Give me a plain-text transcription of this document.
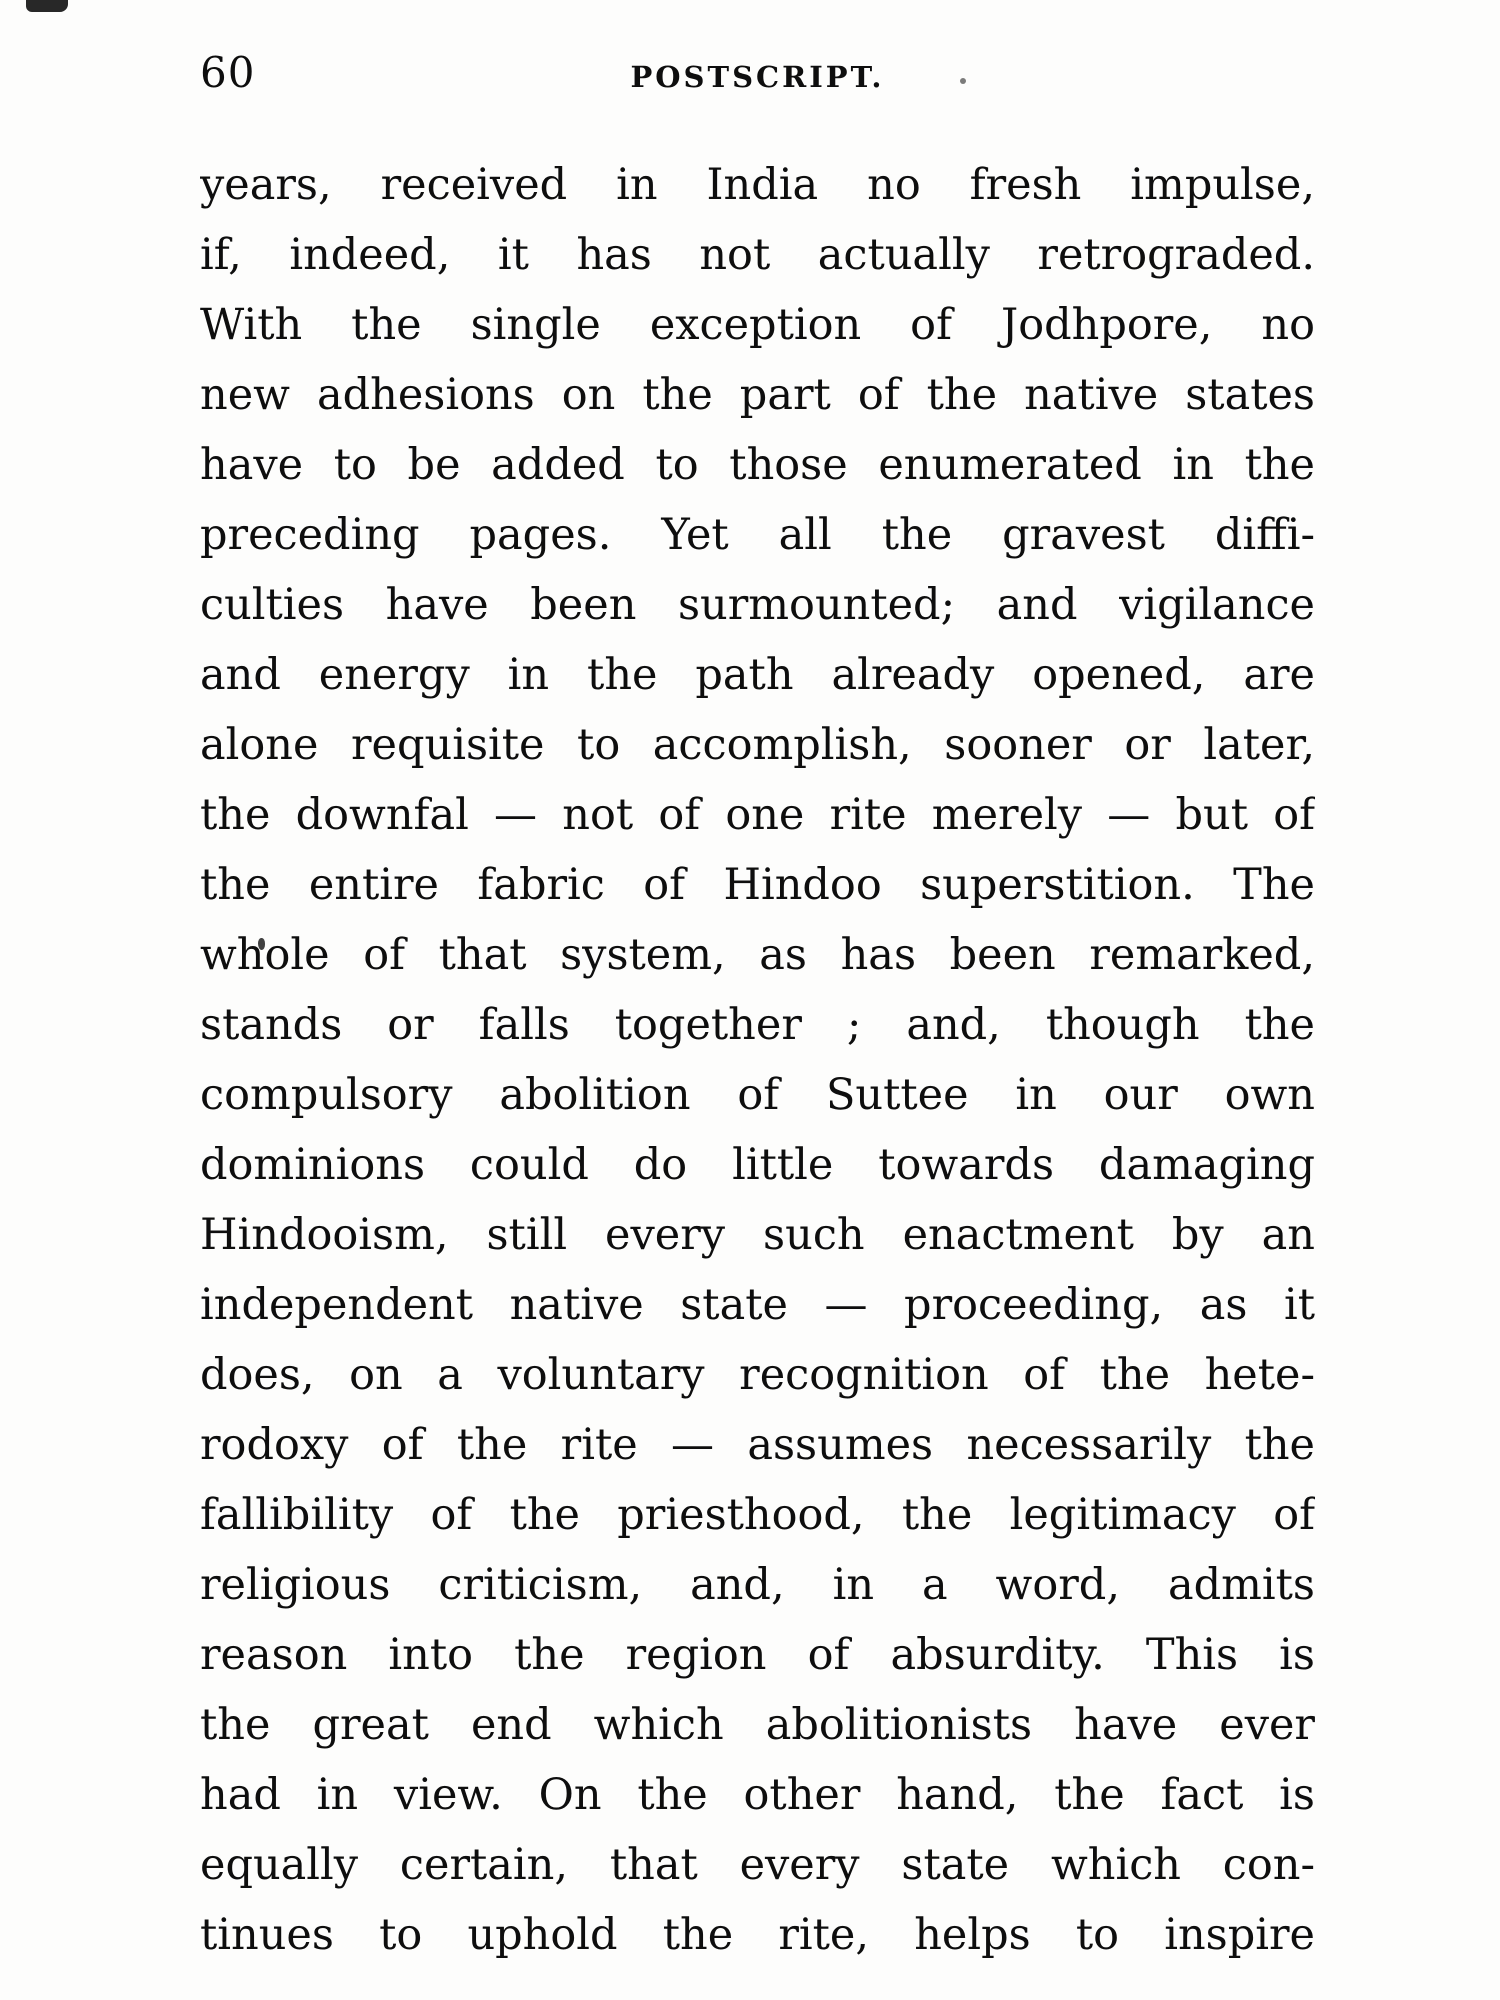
60	POSTSCRIPT.
years, received in India no fresh impulse,
if, indeed, it has not actually retrograded.
With the single exception of Jodhpore, no
new adhesions on the part of the native states
have to be added to those enumerated in the
preceding pages. Yet all the gravest diffi-
culties have been surmounted; and vigilance
and energy in the path already opened, are
alone requisite to accomplish, sooner or later,
the downfal — not of one rite merely — but of
the entire fabric of Hindoo superstition. The
whole of that system, as has been remarked,
stands or falls together ; and, though the
compulsory abolition of Suttee in our own
dominions could do little towards damaging
Hindooism, still every such enactment by an
independent native state — proceeding, as it
does, on a voluntary recognition of the hete-
rodoxy of the rite — assumes necessarily the
fallibility of the priesthood, the legitimacy of
religious criticism, and, in a word, admits
reason into the region of absurdity. This is
the great end which abolitionists have ever
had in view. On the other hand, the fact is
equally certain, that every state which con-
tinues to uphold the rite, helps to inspire
